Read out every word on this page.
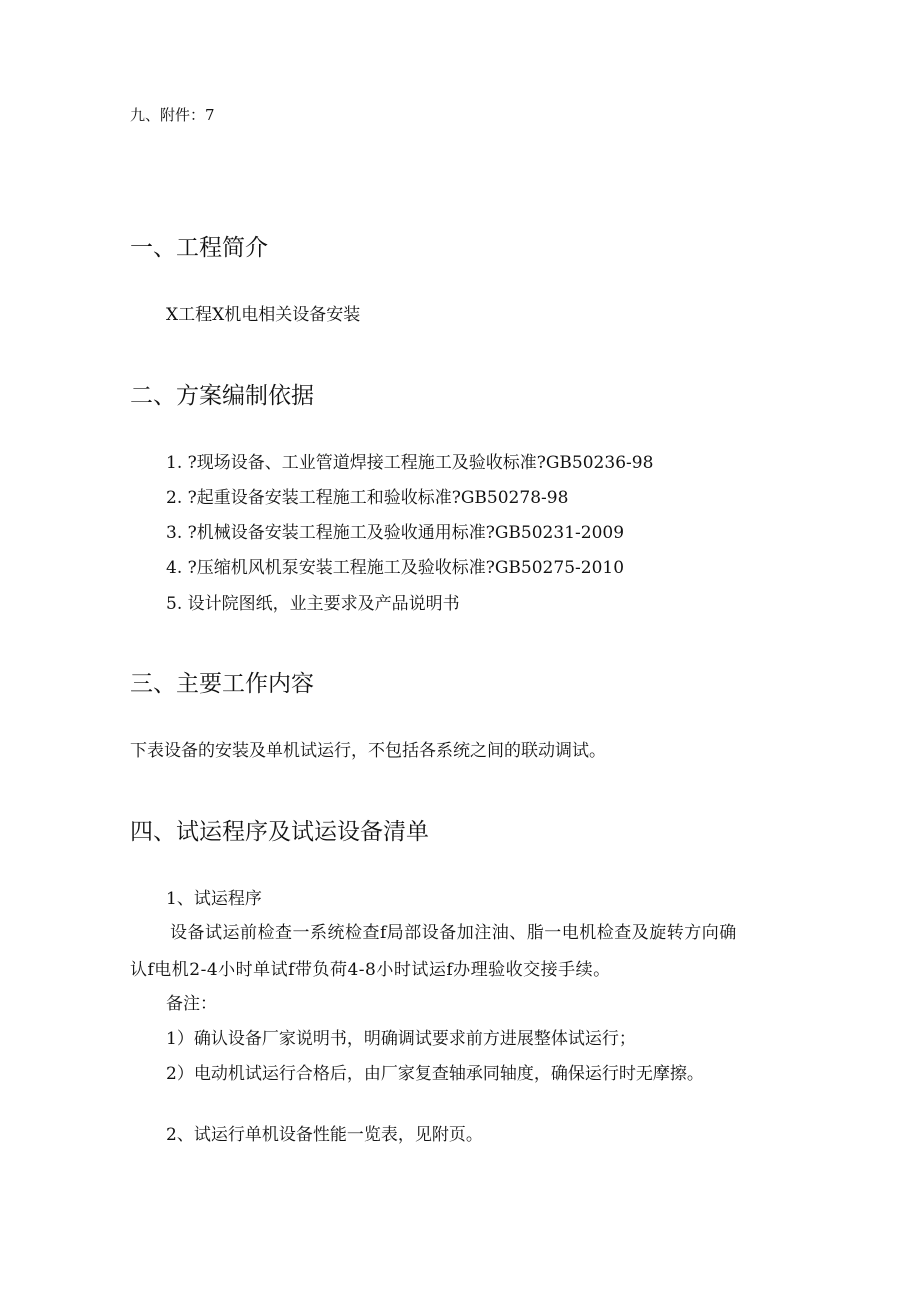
九、附件：7
一、工程简介
X工程X机电相关设备安装
二、方案编制依据
1. ?现场设备、工业管道焊接工程施工及验收标准?GB50236-98
2. ?起重设备安装工程施工和验收标准?GB50278-98
3. ?机械设备安装工程施工及验收通用标准?GB50231-2009
4. ?压缩机风机泵安装工程施工及验收标准?GB50275-2010
5. 设计院图纸，业主要求及产品说明书
三、主要工作内容
下表设备的安装及单机试运行，不包括各系统之间的联动调试。
四、试运程序及试运设备清单
1、试运程序
设备试运前检查一系统检查f局部设备加注油、脂一电机检查及旋转方向确
认f电机2-4小时单试f带负荷4-8小时试运f办理验收交接手续。
备注：
1）确认设备厂家说明书，明确调试要求前方进展整体试运行；
2）电动机试运行合格后，由厂家复查轴承同轴度，确保运行时无摩擦。
2、试运行单机设备性能一览表，见附页。
